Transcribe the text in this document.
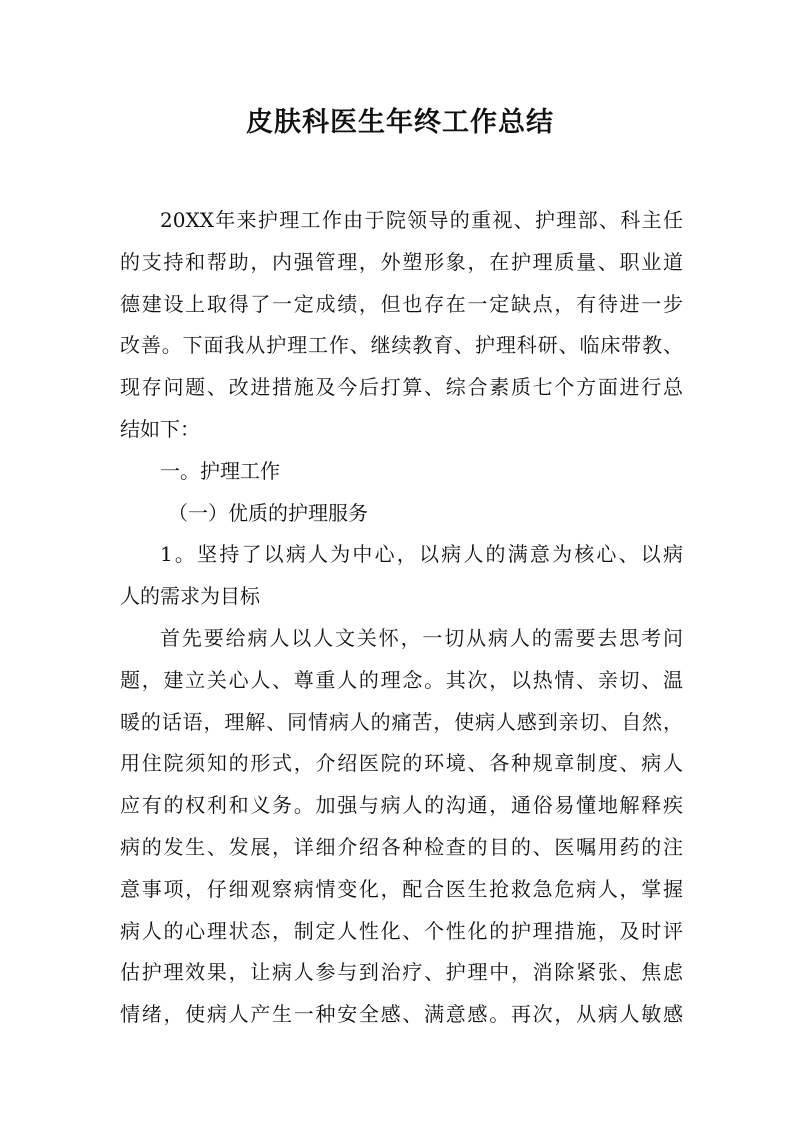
皮肤科医生年终工作总结
20XX年来护理工作由于院领导的重视、护理部、科主任
的支持和帮助，内强管理，外塑形象，在护理质量、职业道
德建设上取得了一定成绩，但也存在一定缺点，有待进一步
改善。下面我从护理工作、继续教育、护理科研、临床带教、
现存问题、改进措施及今后打算、综合素质七个方面进行总
结如下：
一。护理工作
（一）优质的护理服务
1。坚持了以病人为中心，以病人的满意为核心、以病
人的需求为目标
首先要给病人以人文关怀，一切从病人的需要去思考问
题，建立关心人、尊重人的理念。其次，以热情、亲切、温
暖的话语，理解、同情病人的痛苦，使病人感到亲切、自然，
用住院须知的形式，介绍医院的环境、各种规章制度、病人
应有的权利和义务。加强与病人的沟通，通俗易懂地解释疾
病的发生、发展，详细介绍各种检查的目的、医嘱用药的注
意事项，仔细观察病情变化，配合医生抢救急危病人，掌握
病人的心理状态，制定人性化、个性化的护理措施，及时评
估护理效果，让病人参与到治疗、护理中，消除紧张、焦虑
情绪，使病人产生一种安全感、满意感。再次，从病人敏感
